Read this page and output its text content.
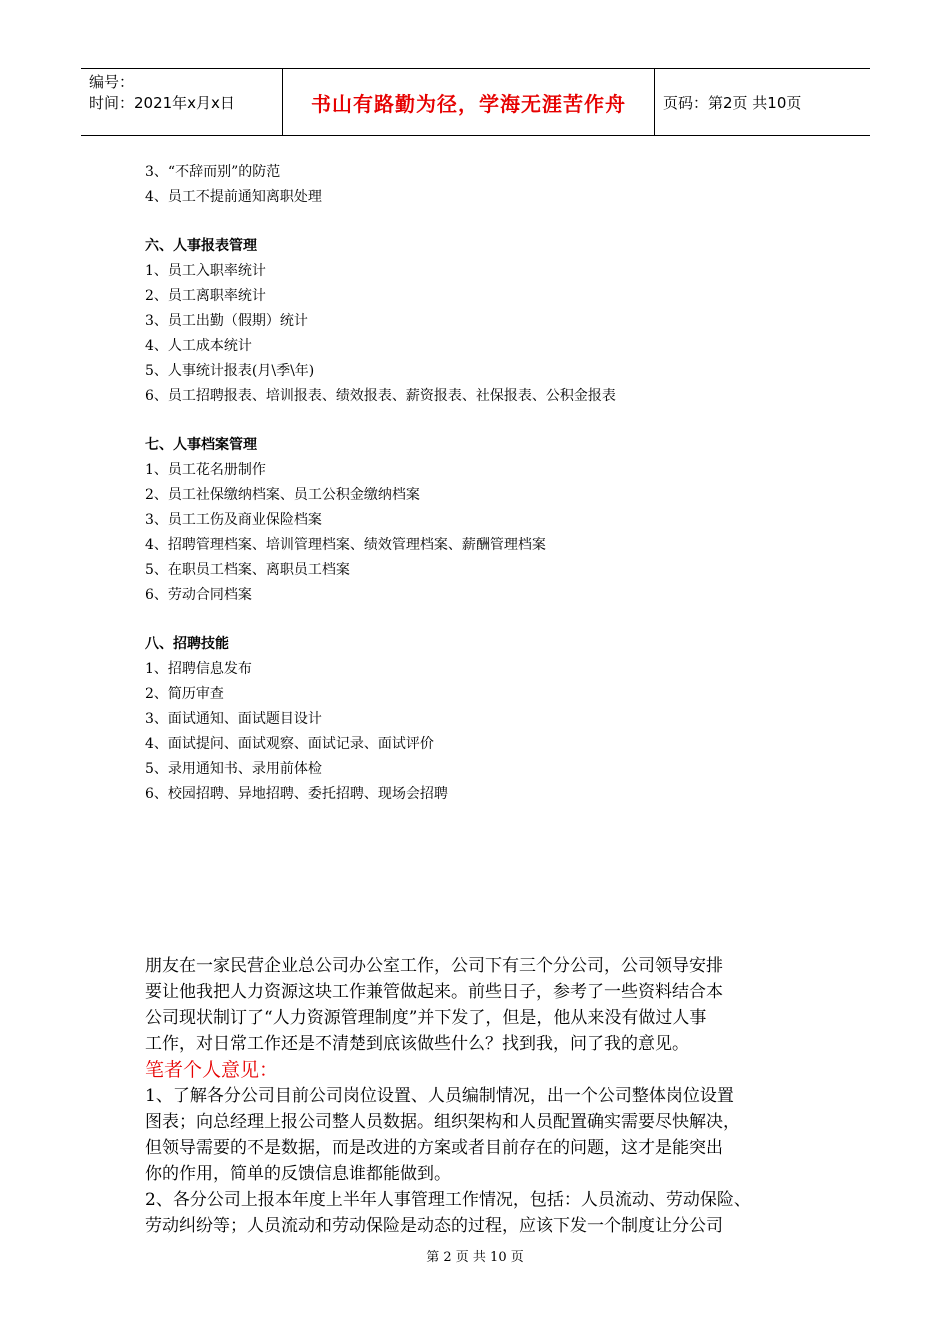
编号：
时间：2021年x月x日	书山有路勤为径，学海无涯苦作舟	页码：第2页 共10页
3、“不辞而别”的防范
4、员工不提前通知离职处理
六、人事报表管理
1、员工入职率统计
2、员工离职率统计
3、员工出勤（假期）统计
4、人工成本统计
5、人事统计报表(月\季\年)
6、员工招聘报表、培训报表、绩效报表、薪资报表、社保报表、公积金报表
七、人事档案管理
1、员工花名册制作
2、员工社保缴纳档案、员工公积金缴纳档案
3、员工工伤及商业保险档案
4、招聘管理档案、培训管理档案、绩效管理档案、薪酬管理档案
5、在职员工档案、离职员工档案
6、劳动合同档案
八、招聘技能
1、招聘信息发布
2、简历审查
3、面试通知、面试题目设计
4、面试提问、面试观察、面试记录、面试评价
5、录用通知书、录用前体检
6、校园招聘、异地招聘、委托招聘、现场会招聘
朋友在一家民营企业总公司办公室工作，公司下有三个分公司，公司领导安排
要让他我把人力资源这块工作兼管做起来。前些日子，参考了一些资料结合本
公司现状制订了“人力资源管理制度”并下发了，但是，他从来没有做过人事
工作，对日常工作还是不清楚到底该做些什么？找到我，问了我的意见。
笔者个人意见：
1、了解各分公司目前公司岗位设置、人员编制情况，出一个公司整体岗位设置
图表；向总经理上报公司整人员数据。组织架构和人员配置确实需要尽快解决，
但领导需要的不是数据，而是改进的方案或者目前存在的问题，这才是能突出
你的作用，简单的反馈信息谁都能做到。
2、各分公司上报本年度上半年人事管理工作情况，包括：人员流动、劳动保险、
劳动纠纷等；人员流动和劳动保险是动态的过程，应该下发一个制度让分公司
第 2 页 共 10 页
